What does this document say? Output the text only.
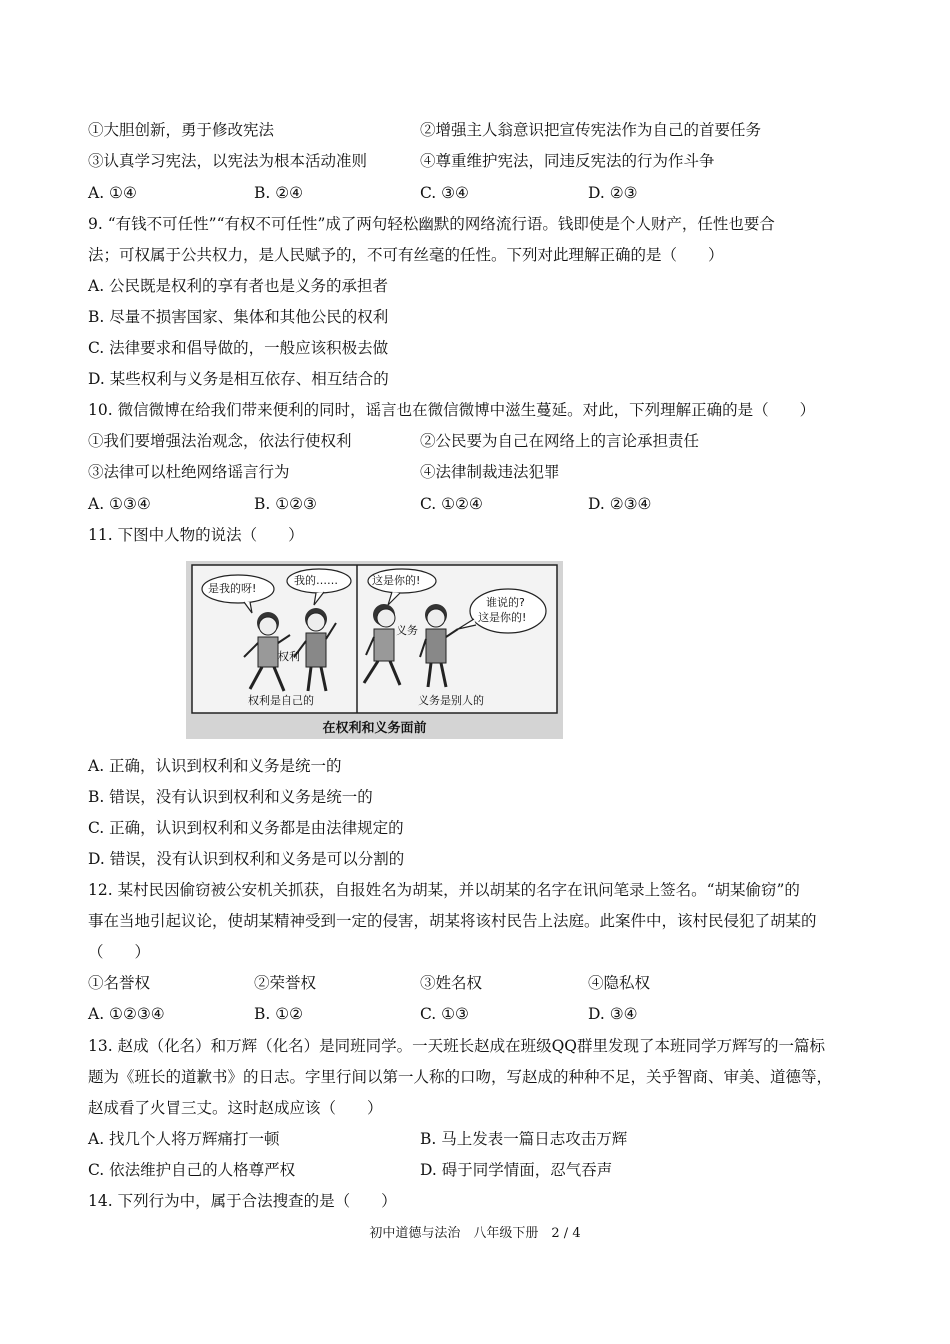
①大胆创新，勇于修改宪法	②增强主人翁意识把宣传宪法作为自己的首要任务
③认真学习宪法，以宪法为根本活动准则	④尊重维护宪法，同违反宪法的行为作斗争
A. ①④	B. ②④	C. ③④	D. ②③
9. “有钱不可任性”“有权不可任性”成了两句轻松幽默的网络流行语。钱即使是个人财产，任性也要合
法；可权属于公共权力，是人民赋予的，不可有丝毫的任性。下列对此理解正确的是（　　）
A. 公民既是权利的享有者也是义务的承担者
B. 尽量不损害国家、集体和其他公民的权利
C. 法律要求和倡导做的，一般应该积极去做
D. 某些权利与义务是相互依存、相互结合的
10. 微信微博在给我们带来便利的同时，谣言也在微信微博中滋生蔓延。对此，下列理解正确的是（　　）
①我们要增强法治观念，依法行使权利	②公民要为自己在网络上的言论承担责任
③法律可以杜绝网络谣言行为	④法律制裁违法犯罪
A. ①③④	B. ①②③	C. ①②④	D. ②③④
11. 下图中人物的说法（　　）
是我的呀!
我的……	这是你的!
谁说的?
这是你的!
权利
义务
权利是自己的	义务是别人的
在权利和义务面前
A. 正确，认识到权利和义务是统一的
B. 错误，没有认识到权利和义务是统一的
C. 正确，认识到权利和义务都是由法律规定的
D. 错误，没有认识到权利和义务是可以分割的
12. 某村民因偷窃被公安机关抓获，自报姓名为胡某，并以胡某的名字在讯问笔录上签名。“胡某偷窃”的
事在当地引起议论，使胡某精神受到一定的侵害，胡某将该村民告上法庭。此案件中，该村民侵犯了胡某的
（　　）
①名誉权	②荣誉权	③姓名权	④隐私权
A. ①②③④	B. ①②	C. ①③	D. ③④
13. 赵成（化名）和万辉（化名）是同班同学。一天班长赵成在班级QQ群里发现了本班同学万辉写的一篇标
题为《班长的道歉书》的日志。字里行间以第一人称的口吻，写赵成的种种不足，关乎智商、审美、道德等，
赵成看了火冒三丈。这时赵成应该（　　）
A. 找几个人将万辉痛打一顿	B. 马上发表一篇日志攻击万辉
C. 依法维护自己的人格尊严权	D. 碍于同学情面，忍气吞声
14. 下列行为中，属于合法搜查的是（　　）
初中道德与法治　八年级下册　2 / 4
